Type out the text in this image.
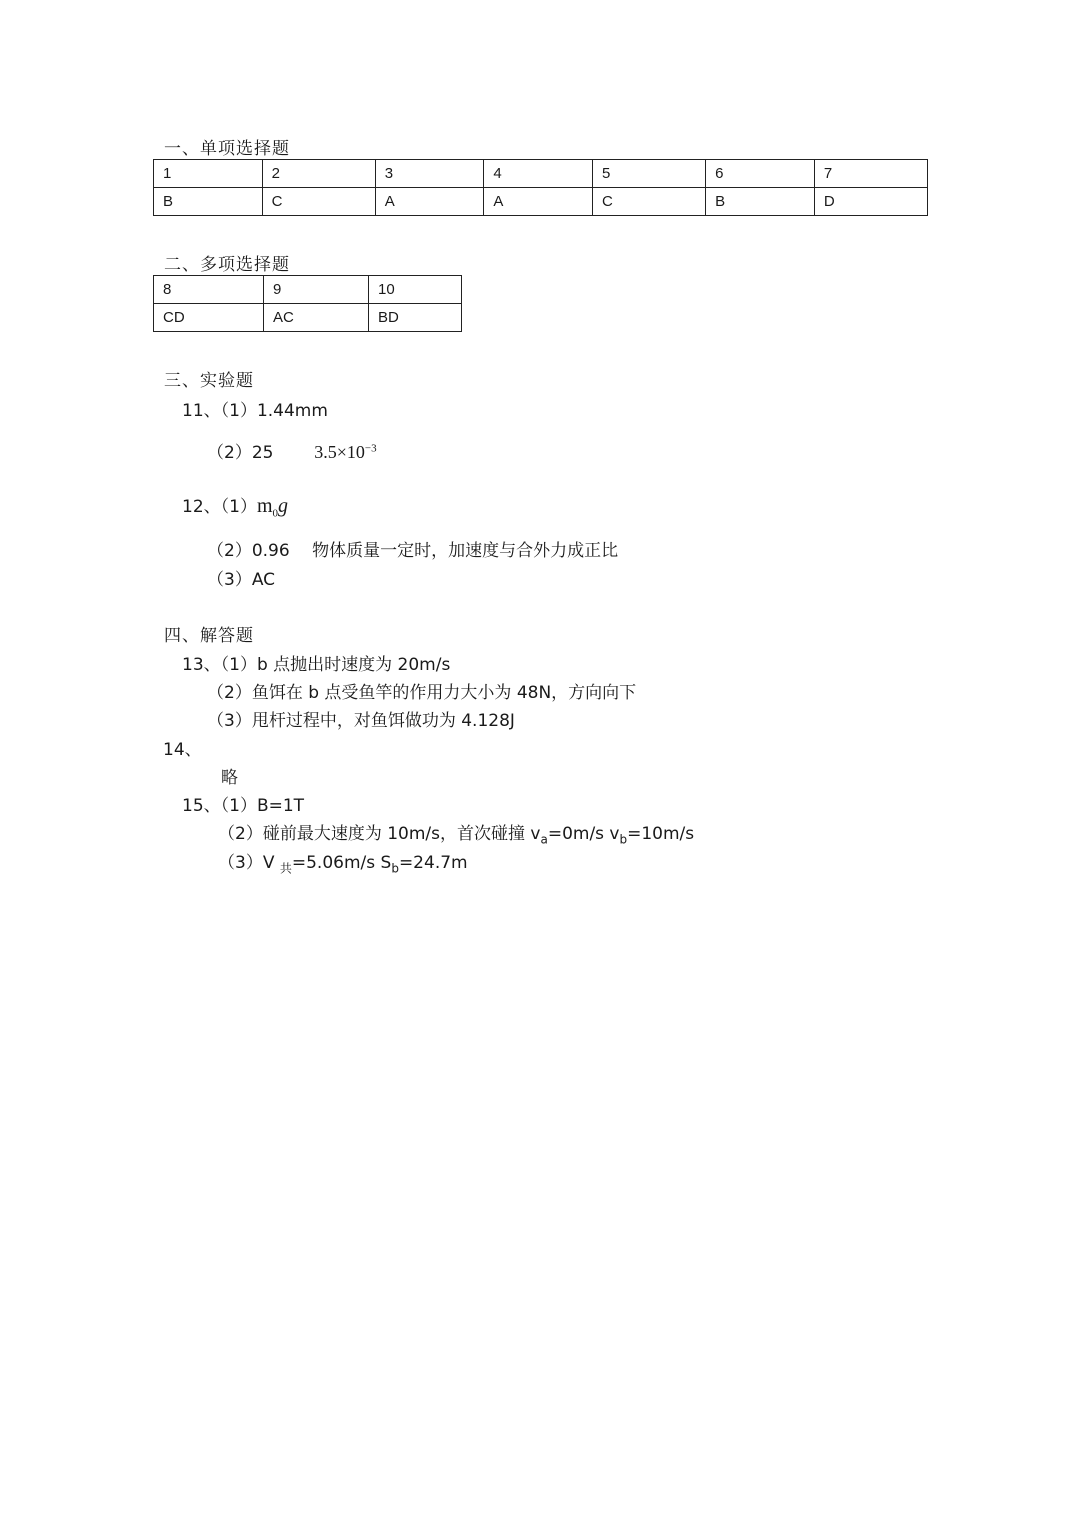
一、单项选择题
1	2	3	4	5	6	7
B	C	A	A	C	B	D
二、多项选择题
8	9	10
CD	AC	BD
三、实验题
11、（1）1.44mm
（2）25 $3.5\times 10^{-3}$
12、$(1)m_0g$
（2）0.96　 物体质量一定时，加速度与合外力成正比
（3）AC
四、解答题
13、（1）b 点抛出时速度为 20m/s
（2）鱼饵在 b 点受鱼竿的作用力大小为 48N，方向向下
（3）甩杆过程中，对鱼饵做功为 4.128J
14、
略
15、（1）B=1T
（2）碰前最大速度为 10m/s，首次碰撞 $v_a=0m/s$ $v_b=10m/s$
（3）V $_共$=5.06m/s $S_b=24.7m$
